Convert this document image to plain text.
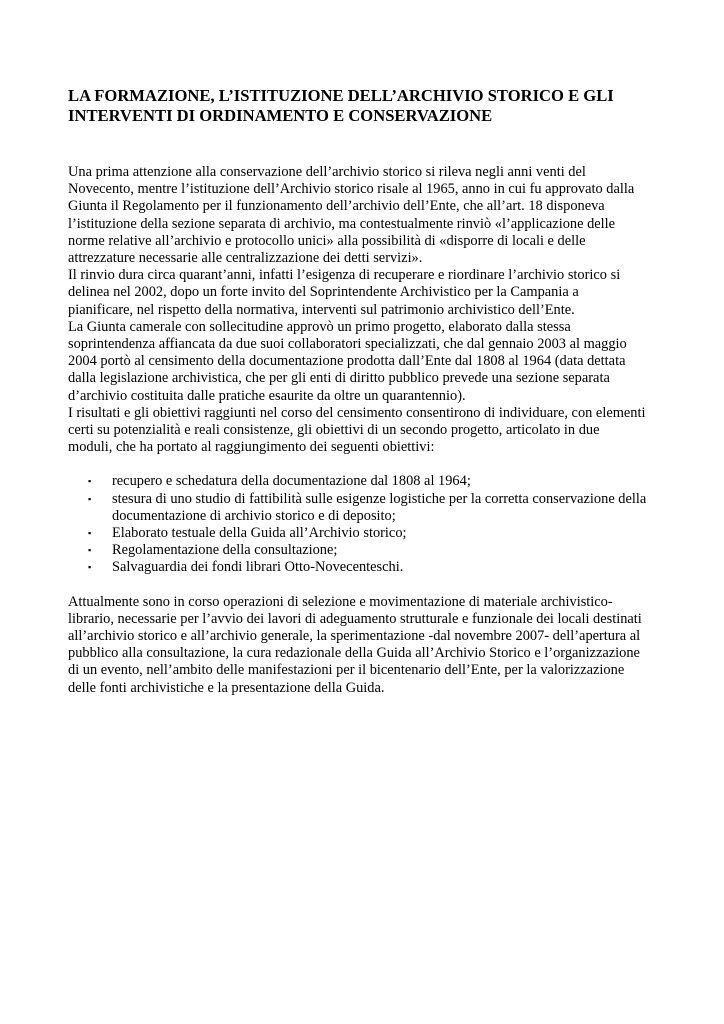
LA FORMAZIONE, L’ISTITUZIONE DELL’ARCHIVIO STORICO E GLI
INTERVENTI DI ORDINAMENTO E CONSERVAZIONE
Una prima attenzione alla conservazione dell’archivio storico si rileva negli anni venti del
Novecento, mentre l’istituzione dell’Archivio storico risale al 1965, anno in cui fu approvato dalla
Giunta il Regolamento per il funzionamento dell’archivio dell’Ente, che all’art. 18 disponeva
l’istituzione della sezione separata di archivio, ma contestualmente rinviò «l’applicazione delle
norme relative all’archivio e protocollo unici» alla possibilità di «disporre di locali e delle
attrezzature necessarie alle centralizzazione dei detti servizi».
Il rinvio dura circa quarant’anni, infatti l’esigenza di recuperare e riordinare l’archivio storico si
delinea nel 2002, dopo un forte invito del Soprintendente Archivistico per la Campania a
pianificare, nel rispetto della normativa, interventi sul patrimonio archivistico dell’Ente.
La Giunta camerale con sollecitudine approvò un primo progetto, elaborato dalla stessa
soprintendenza affiancata da due suoi collaboratori specializzati, che dal gennaio 2003 al maggio
2004 portò al censimento della documentazione prodotta dall’Ente dal 1808 al 1964 (data dettata
dalla legislazione archivistica, che per gli enti di diritto pubblico prevede una sezione separata
d’archivio costituita dalle pratiche esaurite da oltre un quarantennio).
I risultati e gli obiettivi raggiunti nel corso del censimento consentirono di individuare, con elementi
certi su potenzialità e reali consistenze, gli obiettivi di un secondo progetto, articolato in due
moduli, che ha portato al raggiungimento dei seguenti obiettivi:
▪ recupero e schedatura della documentazione dal 1808 al 1964;
▪ stesura di uno studio di fattibilità sulle esigenze logistiche per la corretta conservazione della
documentazione di archivio storico e di deposito;
▪ Elaborato testuale della Guida all’Archivio storico;
▪ Regolamentazione della consultazione;
▪ Salvaguardia dei fondi librari Otto-Novecenteschi.
Attualmente sono in corso operazioni di selezione e movimentazione di materiale archivistico-
librario, necessarie per l’avvio dei lavori di adeguamento strutturale e funzionale dei locali destinati
all’archivio storico e all’archivio generale, la sperimentazione -dal novembre 2007- dell’apertura al
pubblico alla consultazione, la cura redazionale della Guida all’Archivio Storico e l’organizzazione
di un evento, nell’ambito delle manifestazioni per il bicentenario dell’Ente, per la valorizzazione
delle fonti archivistiche e la presentazione della Guida.
